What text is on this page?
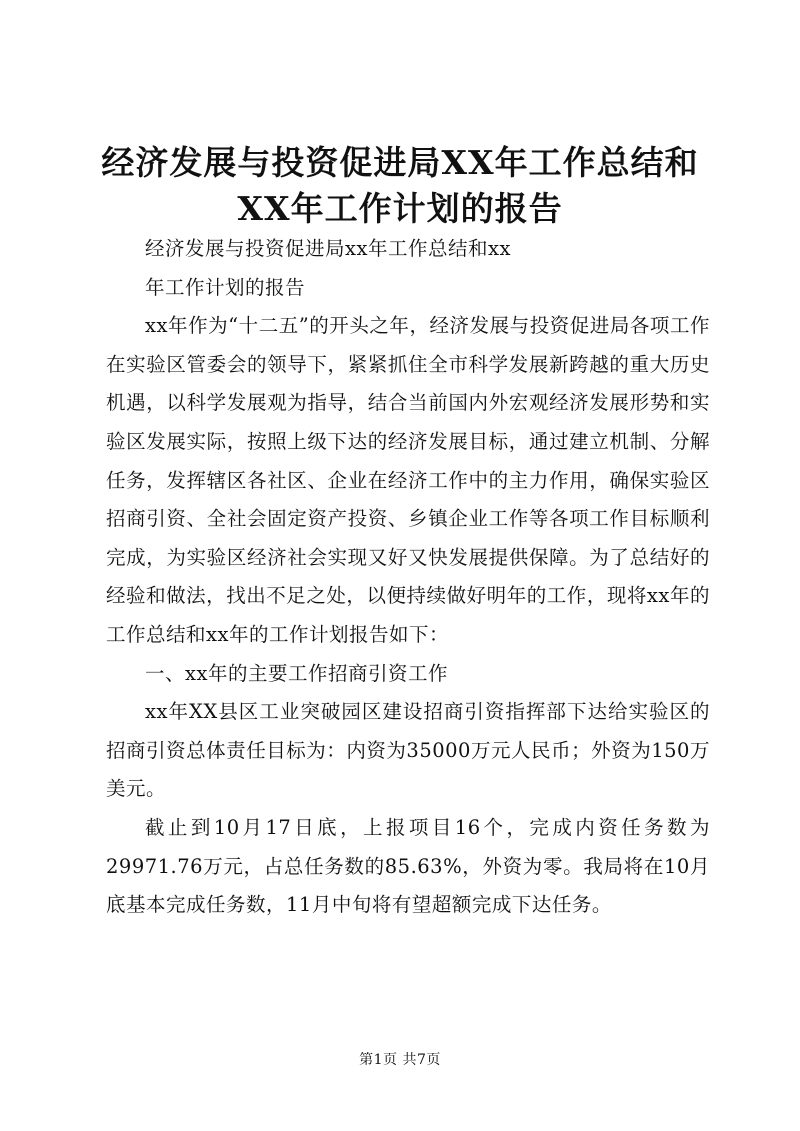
经济发展与投资促进局XX年工作总结和XX年工作计划的报告

经济发展与投资促进局xx年工作总结和xx

年工作计划的报告

xx年作为“十二五”的开头之年，经济发展与投资促进局各项工作在实验区管委会的领导下，紧紧抓住全市科学发展新跨越的重大历史机遇，以科学发展观为指导，结合当前国内外宏观经济发展形势和实验区发展实际，按照上级下达的经济发展目标，通过建立机制、分解任务，发挥辖区各社区、企业在经济工作中的主力作用，确保实验区招商引资、全社会固定资产投资、乡镇企业工作等各项工作目标顺利完成，为实验区经济社会实现又好又快发展提供保障。为了总结好的经验和做法，找出不足之处，以便持续做好明年的工作，现将xx年的工作总结和xx年的工作计划报告如下：

一、xx年的主要工作招商引资工作

xx年XX县区工业突破园区建设招商引资指挥部下达给实验区的招商引资总体责任目标为：内资为35000万元人民币；外资为150万美元。

截止到10月17日底，上报项目16个，完成内资任务数为29971.76万元，占总任务数的85.63%，外资为零。我局将在10月底基本完成任务数，11月中旬将有望超额完成下达任务。

第1页 共7页
